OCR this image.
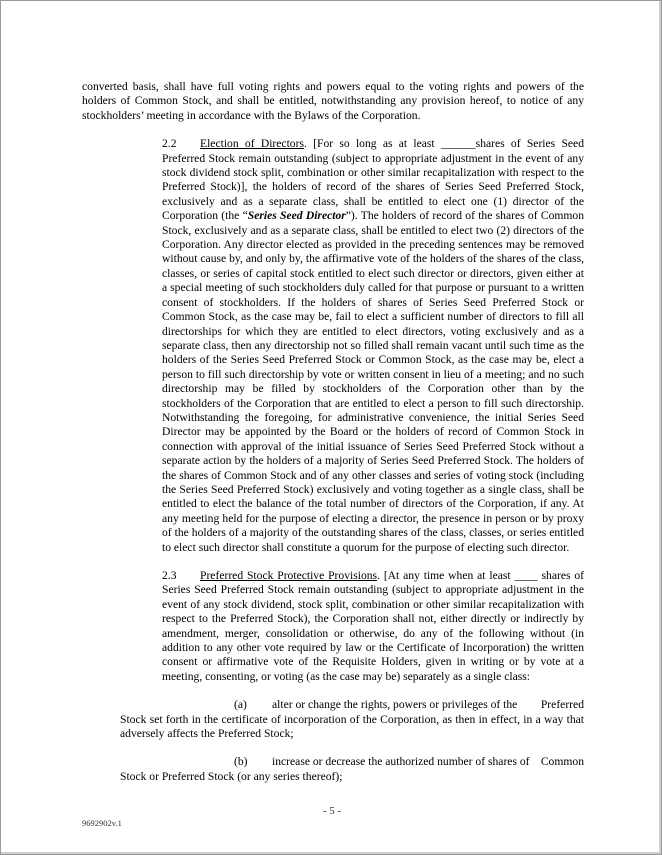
converted basis, shall have full voting rights and powers equal to the voting rights and powers of the holders of Common Stock, and shall be entitled, notwithstanding any provision hereof, to notice of any stockholders’ meeting in accordance with the Bylaws of the Corporation.

2.2 Election of Directors. [For so long as at least ______shares of Series Seed Preferred Stock remain outstanding (subject to appropriate adjustment in the event of any stock dividend stock split, combination or other similar recapitalization with respect to the Preferred Stock)], the holders of record of the shares of Series Seed Preferred Stock, exclusively and as a separate class, shall be entitled to elect one (1) director of the Corporation (the “Series Seed Director”). The holders of record of the shares of Common Stock, exclusively and as a separate class, shall be entitled to elect two (2) directors of the Corporation. Any director elected as provided in the preceding sentences may be removed without cause by, and only by, the affirmative vote of the holders of the shares of the class, classes, or series of capital stock entitled to elect such director or directors, given either at a special meeting of such stockholders duly called for that purpose or pursuant to a written consent of stockholders. If the holders of shares of Series Seed Preferred Stock or Common Stock, as the case may be, fail to elect a sufficient number of directors to fill all directorships for which they are entitled to elect directors, voting exclusively and as a separate class, then any directorship not so filled shall remain vacant until such time as the holders of the Series Seed Preferred Stock or Common Stock, as the case may be, elect a person to fill such directorship by vote or written consent in lieu of a meeting; and no such directorship may be filled by stockholders of the Corporation other than by the stockholders of the Corporation that are entitled to elect a person to fill such directorship. Notwithstanding the foregoing, for administrative convenience, the initial Series Seed Director may be appointed by the Board or the holders of record of Common Stock in connection with approval of the initial issuance of Series Seed Preferred Stock without a separate action by the holders of a majority of Series Seed Preferred Stock. The holders of the shares of Common Stock and of any other classes and series of voting stock (including the Series Seed Preferred Stock) exclusively and voting together as a single class, shall be entitled to elect the balance of the total number of directors of the Corporation, if any. At any meeting held for the purpose of electing a director, the presence in person or by proxy of the holders of a majority of the outstanding shares of the class, classes, or series entitled to elect such director shall constitute a quorum for the purpose of electing such director.

2.3 Preferred Stock Protective Provisions. [At any time when at least ____ shares of Series Seed Preferred Stock remain outstanding (subject to appropriate adjustment in the event of any stock dividend, stock split, combination or other similar recapitalization with respect to the Preferred Stock), the Corporation shall not, either directly or indirectly by amendment, merger, consolidation or otherwise, do any of the following without (in addition to any other vote required by law or the Certificate of Incorporation) the written consent or affirmative vote of the Requisite Holders, given in writing or by vote at a meeting, consenting, or voting (as the case may be) separately as a single class:

(a) alter or change the rights, powers or privileges of the Preferred Stock set forth in the certificate of incorporation of the Corporation, as then in effect, in a way that adversely affects the Preferred Stock;

(b) increase or decrease the authorized number of shares of Common Stock or Preferred Stock (or any series thereof);

- 5 -
9692902v.1
